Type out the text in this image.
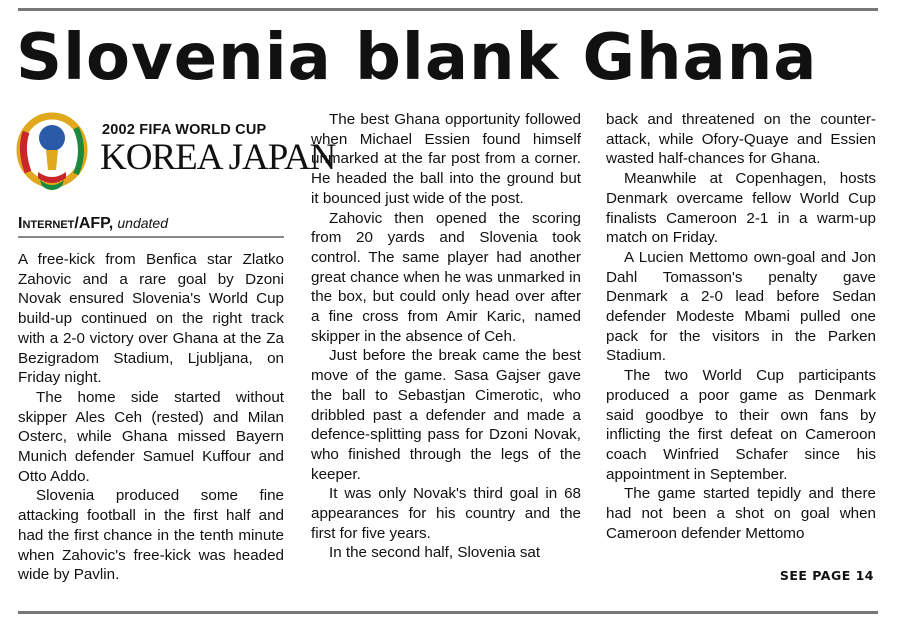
Slovenia blank Ghana
2002 FIFA WORLD CUP
KOREA JAPAN
Internet/AFP, undated

A free-kick from Benfica star Zlatko Zahovic and a rare goal by Dzoni Novak ensured Slovenia's World Cup build-up continued on the right track with a 2-0 victory over Ghana at the Za Bezigradom Stadium, Ljubljana, on Friday night.

The home side started without skipper Ales Ceh (rested) and Milan Osterc, while Ghana missed Bayern Munich defender Samuel Kuffour and Otto Addo.

Slovenia produced some fine attacking football in the first half and had the first chance in the tenth minute when Zahovic's free-kick was headed wide by Pavlin.

The best Ghana opportunity followed when Michael Essien found himself unmarked at the far post from a corner. He headed the ball into the ground but it bounced just wide of the post.

Zahovic then opened the scoring from 20 yards and Slovenia took control. The same player had another great chance when he was unmarked in the box, but could only head over after a fine cross from Amir Karic, named skipper in the absence of Ceh.

Just before the break came the best move of the game. Sasa Gajser gave the ball to Sebastjan Cimerotic, who dribbled past a defender and made a defence-splitting pass for Dzoni Novak, who finished through the legs of the keeper.

It was only Novak's third goal in 68 appearances for his country and the first for five years.

In the second half, Slovenia sat

back and threatened on the counter-attack, while Ofory-Quaye and Essien wasted half-chances for Ghana.

Meanwhile at Copenhagen, hosts Denmark overcame fellow World Cup finalists Cameroon 2-1 in a warm-up match on Friday.

A Lucien Mettomo own-goal and Jon Dahl Tomasson's penalty gave Denmark a 2-0 lead before Sedan defender Modeste Mbami pulled one pack for the visitors in the Parken Stadium.

The two World Cup participants produced a poor game as Denmark said goodbye to their own fans by inflicting the first defeat on Cameroon coach Winfried Schafer since his appointment in September.

The game started tepidly and there had not been a shot on goal when Cameroon defender Mettomo

SEE PAGE 14
